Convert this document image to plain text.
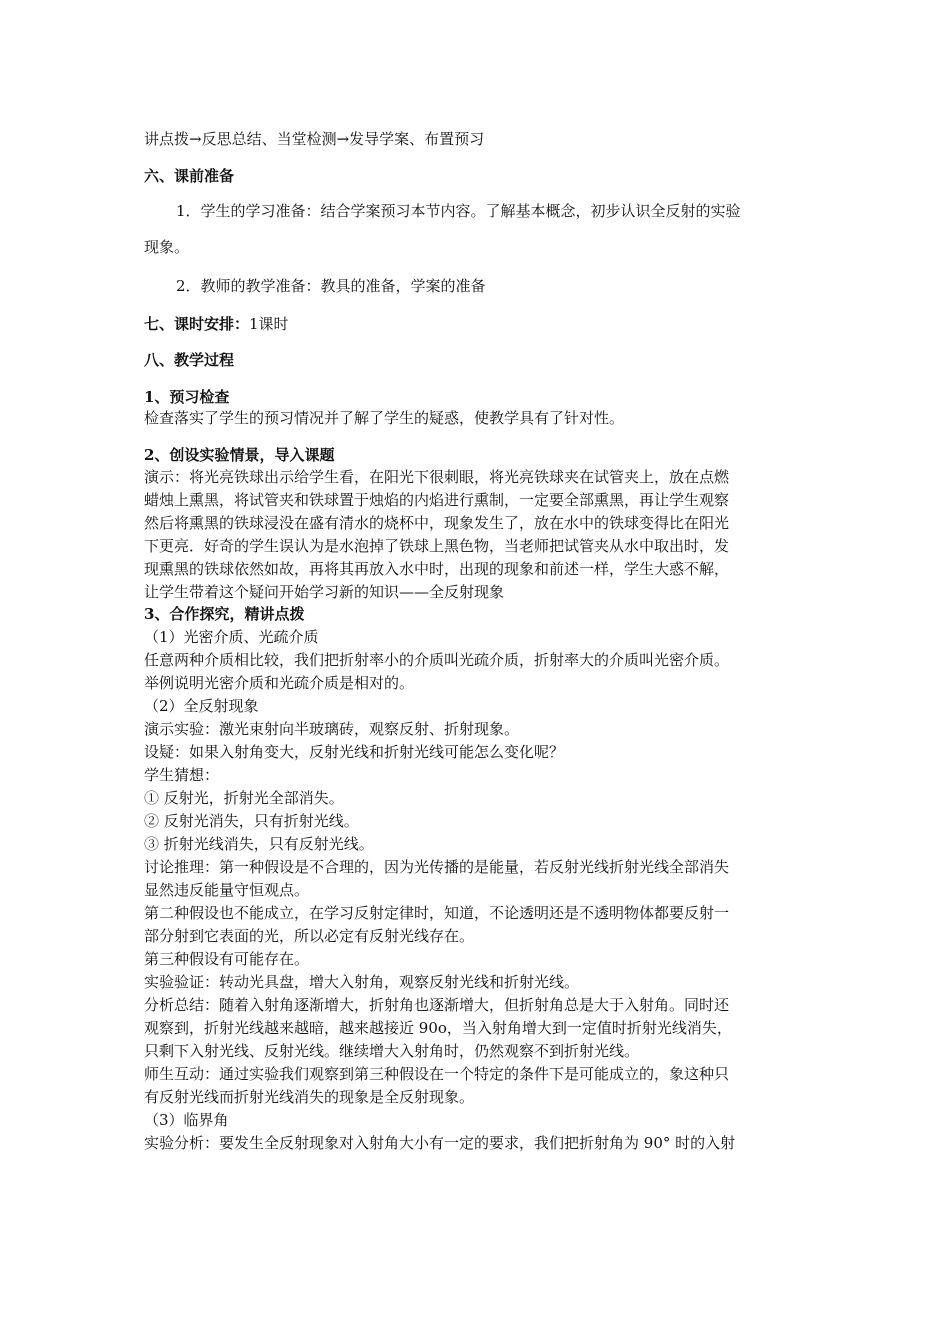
讲点拨→反思总结、当堂检测→发导学案、布置预习
六、课前准备
1．学生的学习准备：结合学案预习本节内容。了解基本概念，初步认识全反射的实验
现象。
2．教师的教学准备：教具的准备，学案的准备
七、课时安排：1课时
八、教学过程
1、预习检查
检查落实了学生的预习情况并了解了学生的疑惑，使教学具有了针对性。
2、创设实验情景，导入课题
演示：将光亮铁球出示给学生看，在阳光下很刺眼，将光亮铁球夹在试管夹上，放在点燃
蜡烛上熏黑，将试管夹和铁球置于烛焰的内焰进行熏制，一定要全部熏黑，再让学生观察
然后将熏黑的铁球浸没在盛有清水的烧杯中，现象发生了，放在水中的铁球变得比在阳光
下更亮．好奇的学生误认为是水泡掉了铁球上黑色物，当老师把试管夹从水中取出时，发
现熏黑的铁球依然如故，再将其再放入水中时，出现的现象和前述一样，学生大惑不解，
让学生带着这个疑问开始学习新的知识——全反射现象
3、合作探究，精讲点拨
（1）光密介质、光疏介质
任意两种介质相比较，我们把折射率小的介质叫光疏介质，折射率大的介质叫光密介质。
举例说明光密介质和光疏介质是相对的。
（2）全反射现象
演示实验：激光束射向半玻璃砖，观察反射、折射现象。
设疑：如果入射角变大，反射光线和折射光线可能怎么变化呢？
学生猜想：
① 反射光，折射光全部消失。
② 反射光消失，只有折射光线。
③ 折射光线消失，只有反射光线。
讨论推理：第一种假设是不合理的，因为光传播的是能量，若反射光线折射光线全部消失
显然违反能量守恒观点。
第二种假设也不能成立，在学习反射定律时，知道，不论透明还是不透明物体都要反射一
部分射到它表面的光，所以必定有反射光线存在。
第三种假设有可能存在。
实验验证：转动光具盘，增大入射角，观察反射光线和折射光线。
分析总结：随着入射角逐渐增大，折射角也逐渐增大，但折射角总是大于入射角。同时还
观察到，折射光线越来越暗，越来越接近 90o，当入射角增大到一定值时折射光线消失，
只剩下入射光线、反射光线。继续增大入射角时，仍然观察不到折射光线。
师生互动：通过实验我们观察到第三种假设在一个特定的条件下是可能成立的，象这种只
有反射光线而折射光线消失的现象是全反射现象。
（3）临界角
实验分析：要发生全反射现象对入射角大小有一定的要求，我们把折射角为 90° 时的入射
